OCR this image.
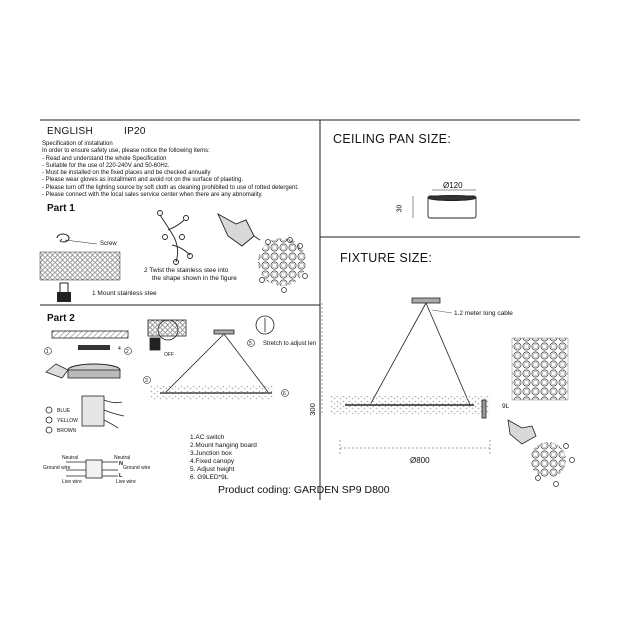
ENGLISH	IP20
Specification of installation
In order to ensure safety use, please notice the following items:
- Read and understand the whole Specification
- Suitable for the use of 220-240V and 50-60Hz.
- Must be installed on the fixed places and be checked annually
- Please wear gloves as installment and avoid rot on the surface of plaeting.
- Please turn off the lighting source by soft cloth as cleaning prohibited to use of rotted detergent.
- Please connect with the local sales service center when there are any abnomality.
Part 1
Screw
1 Mount stainless stee
2 Twist the stainless stee into
the shape shown in the figure
Part 2
OFF
Stretch to adjust len
BLUE
YELLOW
BROWN
Neutral	Neutral
Ground wire	Ground wire
Live wire	Live wire
N
L
1.AC switch
2.Mount hanging board
3.Junction box
4.Fixed canopy
5. Adjust height
6. G9LED*9L
Product coding: GARDEN SP9 D800
CEILING PAN SIZE:
Ø120
30
FIXTURE SIZE:
1.2 meter long cable
300
Ø800
9L
1	2
3
4
5
6
